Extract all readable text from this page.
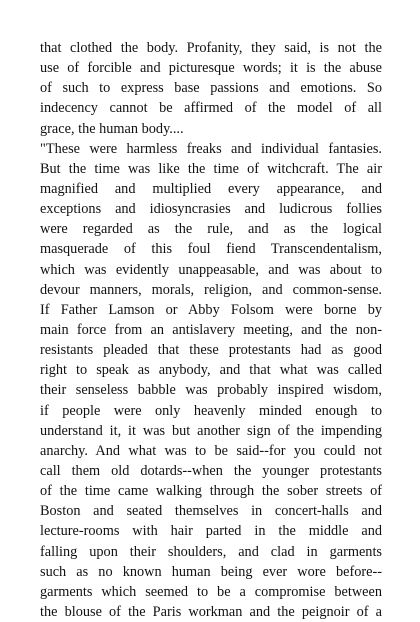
that clothed the body. Profanity, they said, is not the
use of forcible and picturesque words; it is the abuse
of such to express base passions and emotions. So
indecency cannot be affirmed of the model of all
grace, the human body....
"These were harmless freaks and individual fantasies.
But the time was like the time of witchcraft. The air
magnified and multiplied every appearance, and
exceptions and idiosyncrasies and ludicrous follies
were regarded as the rule, and as the logical
masquerade of this foul fiend Transcendentalism,
which was evidently unappeasable, and was about to
devour manners, morals, religion, and common-sense.
If Father Lamson or Abby Folsom were borne by
main force from an antislavery meeting, and the non-
resistants pleaded that these protestants had as good
right to speak as anybody, and that what was called
their senseless babble was probably inspired wisdom,
if people were only heavenly minded enough to
understand it, it was but another sign of the impending
anarchy. And what was to be said--for you could not
call them old dotards--when the younger protestants
of the time came walking through the sober streets of
Boston and seated themselves in concert-halls and
lecture-rooms with hair parted in the middle and
falling upon their shoulders, and clad in garments
such as no known human being ever wore before--
garments which seemed to be a compromise between
the blouse of the Paris workman and the peignoir of a
